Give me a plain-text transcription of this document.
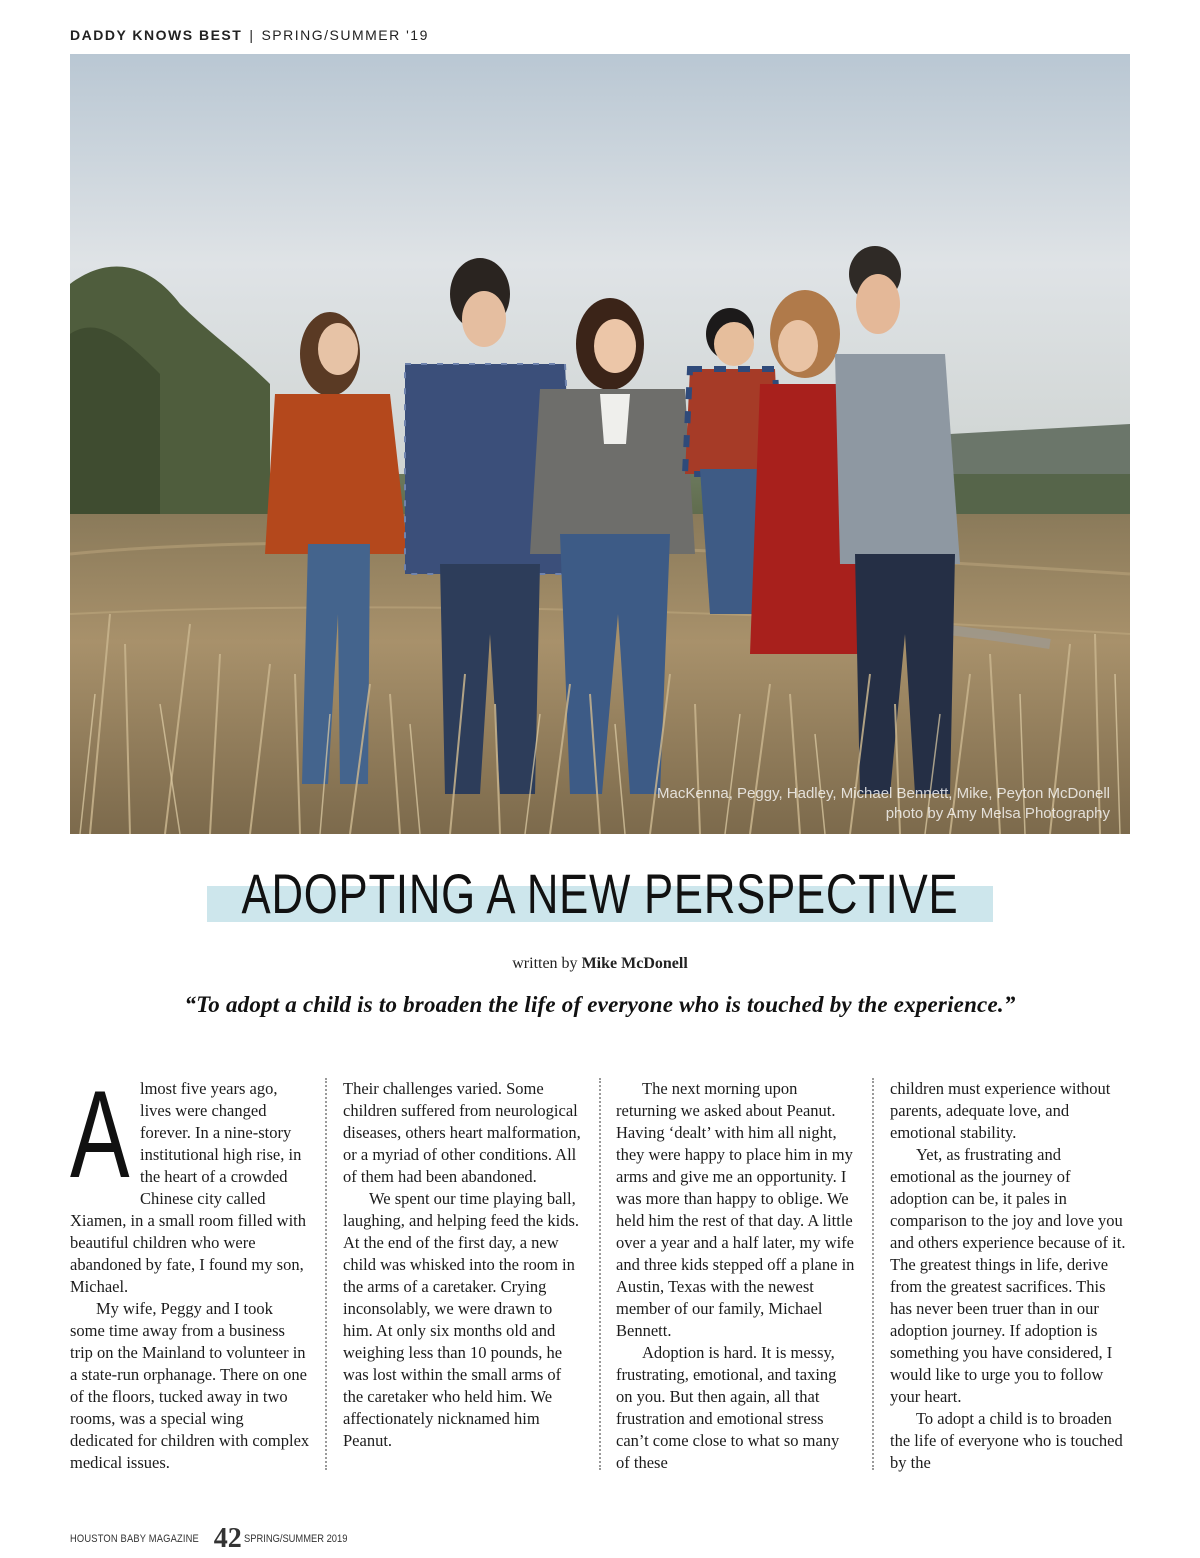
DADDY KNOWS BEST | SPRING/SUMMER '19
MacKenna, Peggy, Hadley, Michael Bennett, Mike, Peyton McDonell
photo by Amy Melsa Photography
ADOPTING A NEW PERSPECTIVE
written by Mike McDonell
“To adopt a child is to broaden the life of everyone who is touched by the experience.”
A lmost five years ago, lives were changed forever. In a nine-story institutional high rise, in the heart of a crowded Chinese city called Xiamen, in a small room filled with beautiful children who were abandoned by fate, I found my son, Michael.

My wife, Peggy and I took some time away from a business trip on the Mainland to volunteer in a state-run orphanage. There on one of the floors, tucked away in two rooms, was a special wing dedicated for children with complex medical issues.

Their challenges varied. Some children suffered from neurological diseases, others heart malformation, or a myriad of other conditions. All of them had been abandoned.

We spent our time playing ball, laughing, and helping feed the kids. At the end of the first day, a new child was whisked into the room in the arms of a caretaker. Crying inconsolably, we were drawn to him. At only six months old and weighing less than 10 pounds, he was lost within the small arms of the caretaker who held him. We affectionately nicknamed him Peanut.

The next morning upon returning we asked about Peanut. Having ‘dealt’ with him all night, they were happy to place him in my arms and give me an opportunity. I was more than happy to oblige. We held him the rest of that day. A little over a year and a half later, my wife and three kids stepped off a plane in Austin, Texas with the newest member of our family, Michael Bennett.

Adoption is hard. It is messy, frustrating, emotional, and taxing on you. But then again, all that frustration and emotional stress can’t come close to what so many of these

children must experience without parents, adequate love, and emotional stability.

Yet, as frustrating and emotional as the journey of adoption can be, it pales in comparison to the joy and love you and others experience because of it. The greatest things in life, derive from the greatest sacrifices. This has never been truer than in our adoption journey. If adoption is something you have considered, I would like to urge you to follow your heart.

To adopt a child is to broaden the life of everyone who is touched by the

HOUSTON BABY MAGAZINE 42 SPRING/SUMMER 2019
